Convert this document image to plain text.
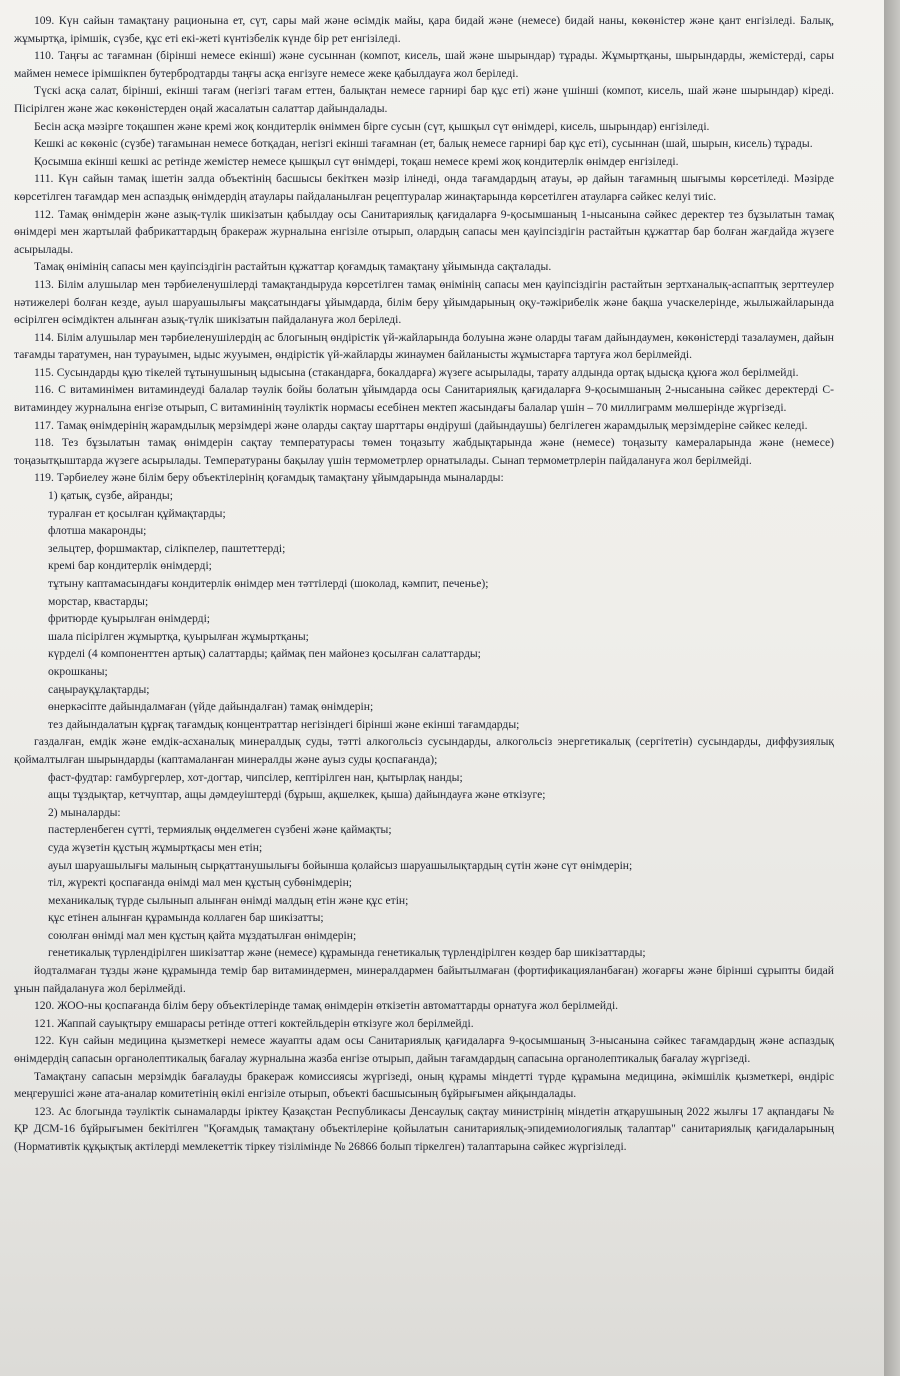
109. Күн сайын тамақтану рационына ет, сүт, сары май және өсімдік майы, қара бидай және (немесе) бидай наны, көкөністер және қант енгізіледі. Балық, жұмыртқа, ірімшік, сүзбе, құс еті екі-жеті күнтізбелік күнде бір рет енгізіледі.

110. Таңғы ас тағамнан (бірінші немесе екінші) және сусыннан (компот, кисель, шай және шырындар) тұрады. Жұмыртқаны, шырындарды, жемістерді, сары маймен немесе ірімшікпен бутербродтарды таңғы асқа енгізуге немесе жеке қабылдауға жол беріледі.

Түскі асқа салат, бірінші, екінші тағам (негізгі тағам еттен, балықтан немесе гарнирі бар құс еті) және үшінші (компот, кисель, шай және шырындар) кіреді. Пісірілген және жас көкөністерден оңай жасалатын салаттар дайындалады.

Бесін асқа мәзірге тоқашпен және кремі жоқ кондитерлік өніммен бірге сусын (сүт, қышқыл сүт өнімдері, кисель, шырындар) енгізіледі.

Кешкі ас көкөніс (сүзбе) тағамынан немесе ботқадан, негізгі екінші тағамнан (ет, балық немесе гарнирі бар құс еті), сусыннан (шай, шырын, кисель) тұрады.

Қосымша екінші кешкі ас ретінде жемістер немесе қышқыл сүт өнімдері, тоқаш немесе кремі жоқ кондитерлік өнімдер енгізіледі.

111. Күн сайын тамақ ішетін залда объектінің басшысы бекіткен мәзір ілінеді, онда тағамдардың атауы, әр дайын тағамның шығымы көрсетіледі. Мәзірде көрсетілген тағамдар мен аспаздық өнімдердің атаулары пайдаланылған рецептуралар жинақтарында көрсетілген атауларға сәйкес келуі тиіс.

112. Тамақ өнімдерін және азық-түлік шикізатын қабылдау осы Санитариялық қағидаларға 9-қосымшаның 1-нысанына сәйкес деректер тез бұзылатын тамақ өнімдері мен жартылай фабрикаттардың бракераж журналына енгізіле отырып, олардың сапасы мен қауіпсіздігін растайтын құжаттар бар болған жағдайда жүзеге асырылады.

Тамақ өнімінің сапасы мен қауіпсіздігін растайтын құжаттар қоғамдық тамақтану ұйымында сақталады.

113. Білім алушылар мен тәрбиеленушілерді тамақтандыруда көрсетілген тамақ өнімінің сапасы мен қауіпсіздігін растайтын зертханалық-аспаптық зерттеулер нәтижелері болған кезде, ауыл шаруашылығы мақсатындағы ұйымдарда, білім беру ұйымдарының оқу-тәжірибелік және бақша учаскелерінде, жылыжайларында өсірілген өсімдіктен алынған азық-түлік шикізатын пайдалануға жол беріледі.

114. Білім алушылар мен тәрбиеленушілердің ас блогының өндірістік үй-жайларында болуына және оларды тағам дайындаумен, көкөністерді тазалаумен, дайын тағамды таратумен, нан турауымен, ыдыс жууымен, өндірістік үй-жайларды жинаумен байланысты жұмыстарға тартуға жол берілмейді.

115. Сусындарды құю тікелей тұтынушының ыдысына (стакандарға, бокалдарға) жүзеге асырылады, тарату алдында ортақ ыдысқа құюға жол берілмейді.

116. С витаминімен витаминдеуді балалар тәулік бойы болатын ұйымдарда осы Санитариялық қағидаларға 9-қосымшаның 2-нысанына сәйкес деректерді С-витаминдеу журналына енгізе отырып, С витаминінің тәуліктік нормасы есебінен мектеп жасындағы балалар үшін – 70 миллиграмм мөлшерінде жүргізеді.

117. Тамақ өнімдерінің жарамдылық мерзімдері және оларды сақтау шарттары өндіруші (дайындаушы) белгілеген жарамдылық мерзімдеріне сәйкес келеді.

118. Тез бұзылатын тамақ өнімдерін сақтау температурасы төмен тоңазыту жабдықтарында және (немесе) тоңазыту камераларында және (немесе) тоңазытқыштарда жүзеге асырылады. Температураны бақылау үшін термометрлер орнатылады. Сынап термометрлерін пайдалануға жол берілмейді.

119. Тәрбиелеу және білім беру объектілерінің қоғамдық тамақтану ұйымдарында мыналарды:

1) қатық, сүзбе, айранды;

туралған ет қосылған құймақтарды;

флотша макаронды;

зельцтер, форшмактар, сілікпелер, паштеттерді;

кремі бар кондитерлік өнімдерді;

тұтыну каптамасындағы кондитерлік өнімдер мен тәттілерді (шоколад, кәмпит, печенье);

морстар, квастарды;

фритюрде қуырылған өнімдерді;

шала пісірілген жұмыртқа, қуырылған жұмыртқаны;

күрделі (4 компоненттен артық) салаттарды; қаймақ пен майонез қосылған салаттарды;

окрошканы;

саңырауқұлақтарды;

өнеркәсіпте дайындалмаған (үйде дайындалған) тамақ өнімдерін;

тез дайындалатын құрғақ тағамдық концентраттар негізіндегі бірінші және екінші тағамдарды;

газдалған, емдік және емдік-асханалық минералдық суды, тәтті алкогольсіз сусындарды, алкогольсіз энергетикалық (сергітетін) сусындарды, диффузиялық қоймалтылған шырындарды (каптамаланған минералды және ауыз суды қоспағанда);

фаст-фудтар: гамбургерлер, хот-догтар, чипсілер, кептірілген нан, қытырлақ нанды;

ащы тұздықтар, кетчуптар, ащы дәмдеуіштерді (бұрыш, ақшелкек, қыша) дайындауға және өткізуге;

2) мыналарды:

пастерленбеген сүтті, термиялық өңделмеген сүзбені және қаймақты;

суда жүзетін құстың жұмыртқасы мен етін;

ауыл шаруашылығы малының сырқаттанушылығы бойынша қолайсыз шаруашылықтардың сүтін және сүт өнімдерін;

тіл, жүректі қоспағанда өнімді мал мен құстың субөнімдерін;

механикалық түрде сылынып алынған өнімді малдың етін және құс етін;

құс етінен алынған құрамында коллаген бар шикізатты;

союлған өнімді мал мен құстың қайта мұздатылған өнімдерін;

генетикалық түрлендірілген шикізаттар және (немесе) құрамында генетикалық түрлендірілген көздер бар шикізаттарды;

йодталмаған тұзды және құрамында темір бар витаминдермен, минералдармен байытылмаған (фортификацияланбаған) жоғарғы және бірінші сұрыпты бидай ұнын пайдалануға жол берілмейді.

120. ЖОО-ны қоспағанда білім беру объектілерінде тамақ өнімдерін өткізетін автоматтарды орнатуға жол берілмейді.

121. Жаппай сауықтыру емшарасы ретінде оттегі коктейльдерін өткізуге жол берілмейді.

122. Күн сайын медицина қызметкері немесе жауапты адам осы Санитариялық қағидаларға 9-қосымшаның 3-нысанына сәйкес тағамдардың және аспаздық өнімдердің сапасын органолептикалық бағалау журналына жазба енгізе отырып, дайын тағамдардың сапасына органолептикалық бағалау жүргізеді.

Тамақтану сапасын мерзімдік бағалауды бракераж комиссиясы жүргізеді, оның құрамы міндетті түрде құрамына медицина, әкімшілік қызметкері, өндіріс меңгерушісі және ата-аналар комитетінің өкілі енгізіле отырып, объекті басшысының бұйрығымен айқындалады.

123. Ас блогында тәуліктік сынамаларды іріктеу Қазақстан Республикасы Денсаулық сақтау министрінің міндетін атқарушының 2022 жылғы 17 ақпандағы № ҚР ДСМ-16 бұйрығымен бекітілген "Қоғамдық тамақтану объектілеріне қойылатын санитариялық-эпидемиологиялық талаптар" санитариялық қағидаларының (Нормативтік құқықтық актілерді мемлекеттік тіркеу тізілімінде № 26866 болып тіркелген) талаптарына сәйкес жүргізіледі.
